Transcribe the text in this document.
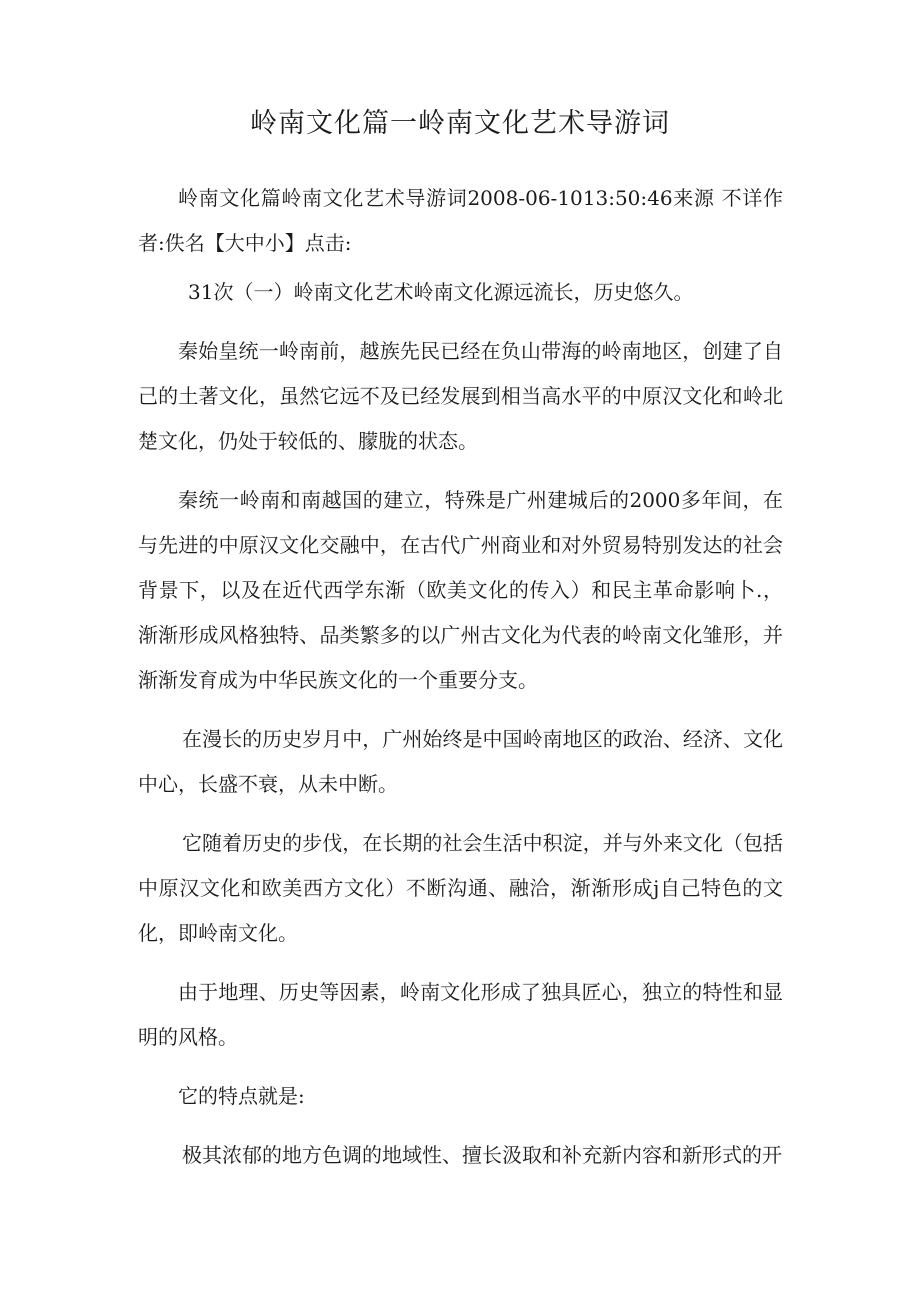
岭南文化篇一岭南文化艺术导游词

岭南文化篇岭南文化艺术导游词2008-06-1013:50:46来源 不详作者:佚名【大中小】点击:

31次（一）岭南文化艺术岭南文化源远流长，历史悠久。

秦始皇统一岭南前，越族先民已经在负山带海的岭南地区，创建了自己的土著文化，虽然它远不及已经发展到相当高水平的中原汉文化和岭北楚文化，仍处于较低的、朦胧的状态。

秦统一岭南和南越国的建立，特殊是广州建城后的2000多年间，在与先进的中原汉文化交融中，在古代广州商业和对外贸易特别发达的社会背景下，以及在近代西学东渐（欧美文化的传入）和民主革命影响卜.，渐渐形成风格独特、品类繁多的以广州古文化为代表的岭南文化雏形，并渐渐发育成为中华民族文化的一个重要分支。

在漫长的历史岁月中，广州始终是中国岭南地区的政治、经济、文化中心，长盛不衰，从未中断。

它随着历史的步伐，在长期的社会生活中积淀，并与外来文化（包括中原汉文化和欧美西方文化）不断沟通、融洽，渐渐形成j自己特色的文化，即岭南文化。

由于地理、历史等因素，岭南文化形成了独具匠心，独立的特性和显明的风格。

它的特点就是:

极其浓郁的地方色调的地域性、擅长汲取和补充新内容和新形式的开
